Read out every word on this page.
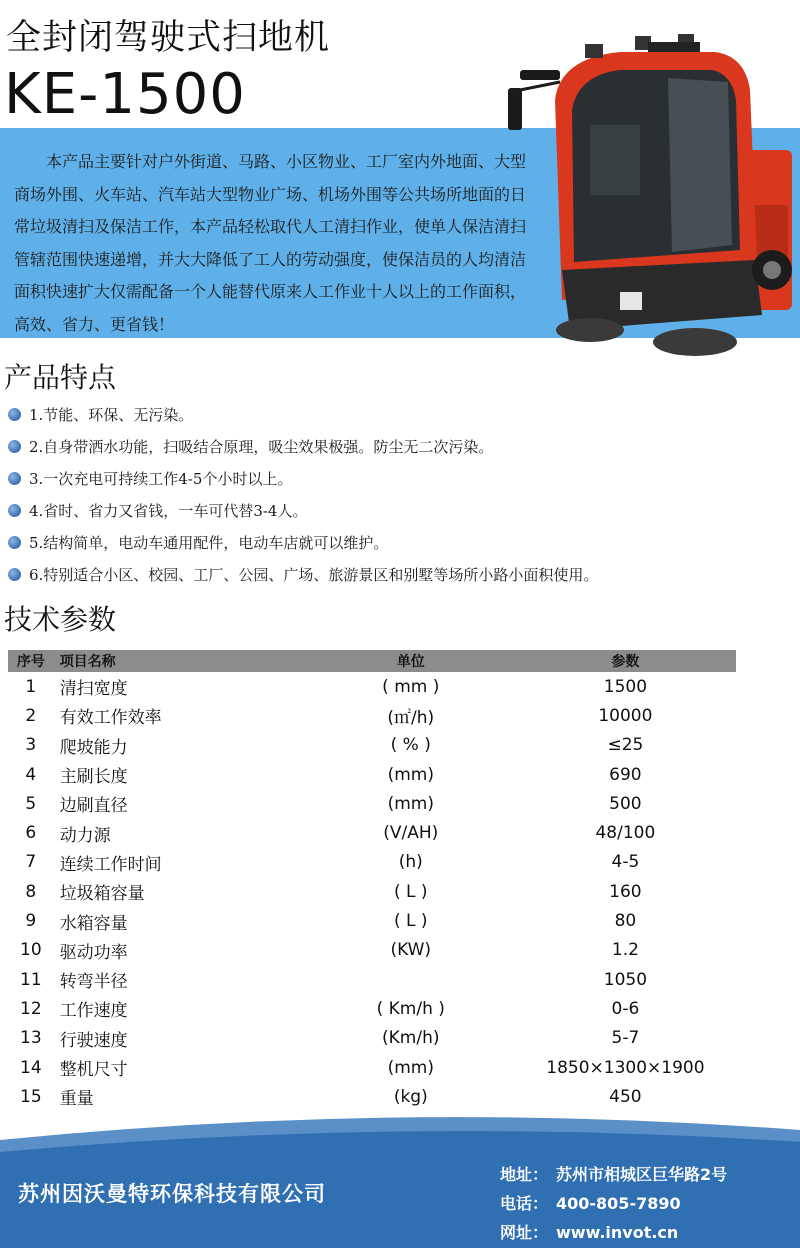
全封闭驾驶式扫地机
KE-1500

本产品主要针对户外街道、马路、小区物业、工厂室内外地面、大型商场外围、火车站、汽车站大型物业广场、机场外围等公共场所地面的日常垃圾清扫及保洁工作，本产品轻松取代人工清扫作业，使单人保洁清扫管辖范围快速递增，并大大降低了工人的劳动强度，使保洁员的人均清洁面积快速扩大仅需配备一个人能替代原来人工作业十人以上的工作面积，高效、省力、更省钱！

产品特点
1.节能、环保、无污染。
2.自身带洒水功能，扫吸结合原理，吸尘效果极强。防尘无二次污染。
3.一次充电可持续工作4-5个小时以上。
4.省时、省力又省钱，一车可代替3-4人。
5.结构简单，电动车通用配件，电动车店就可以维护。
6.特别适合小区、校园、工厂、公园、广场、旅游景区和别墅等场所小路小面积使用。
技术参数
序号	项目名称	单位	参数
1	清扫宽度	( mm )	1500
2	有效工作效率	(㎡/h)	10000
3	爬坡能力	( % )	≤25
4	主刷长度	(mm)	690
5	边刷直径	(mm)	500
6	动力源	(V/AH)	48/100
7	连续工作时间	(h)	4-5
8	垃圾箱容量	( L )	160
9	水箱容量	( L )	80
10	驱动功率	(KW)	1.2
11	转弯半径		1050
12	工作速度	( Km/h )	0-6
13	行驶速度	(Km/h)	5-7
14	整机尺寸	(mm)	1850×1300×1900
15	重量	(kg)	450
苏州因沃曼特环保科技有限公司
地址： 苏州市相城区巨华路2号
电话： 400-805-7890
网址： www.invot.cn
